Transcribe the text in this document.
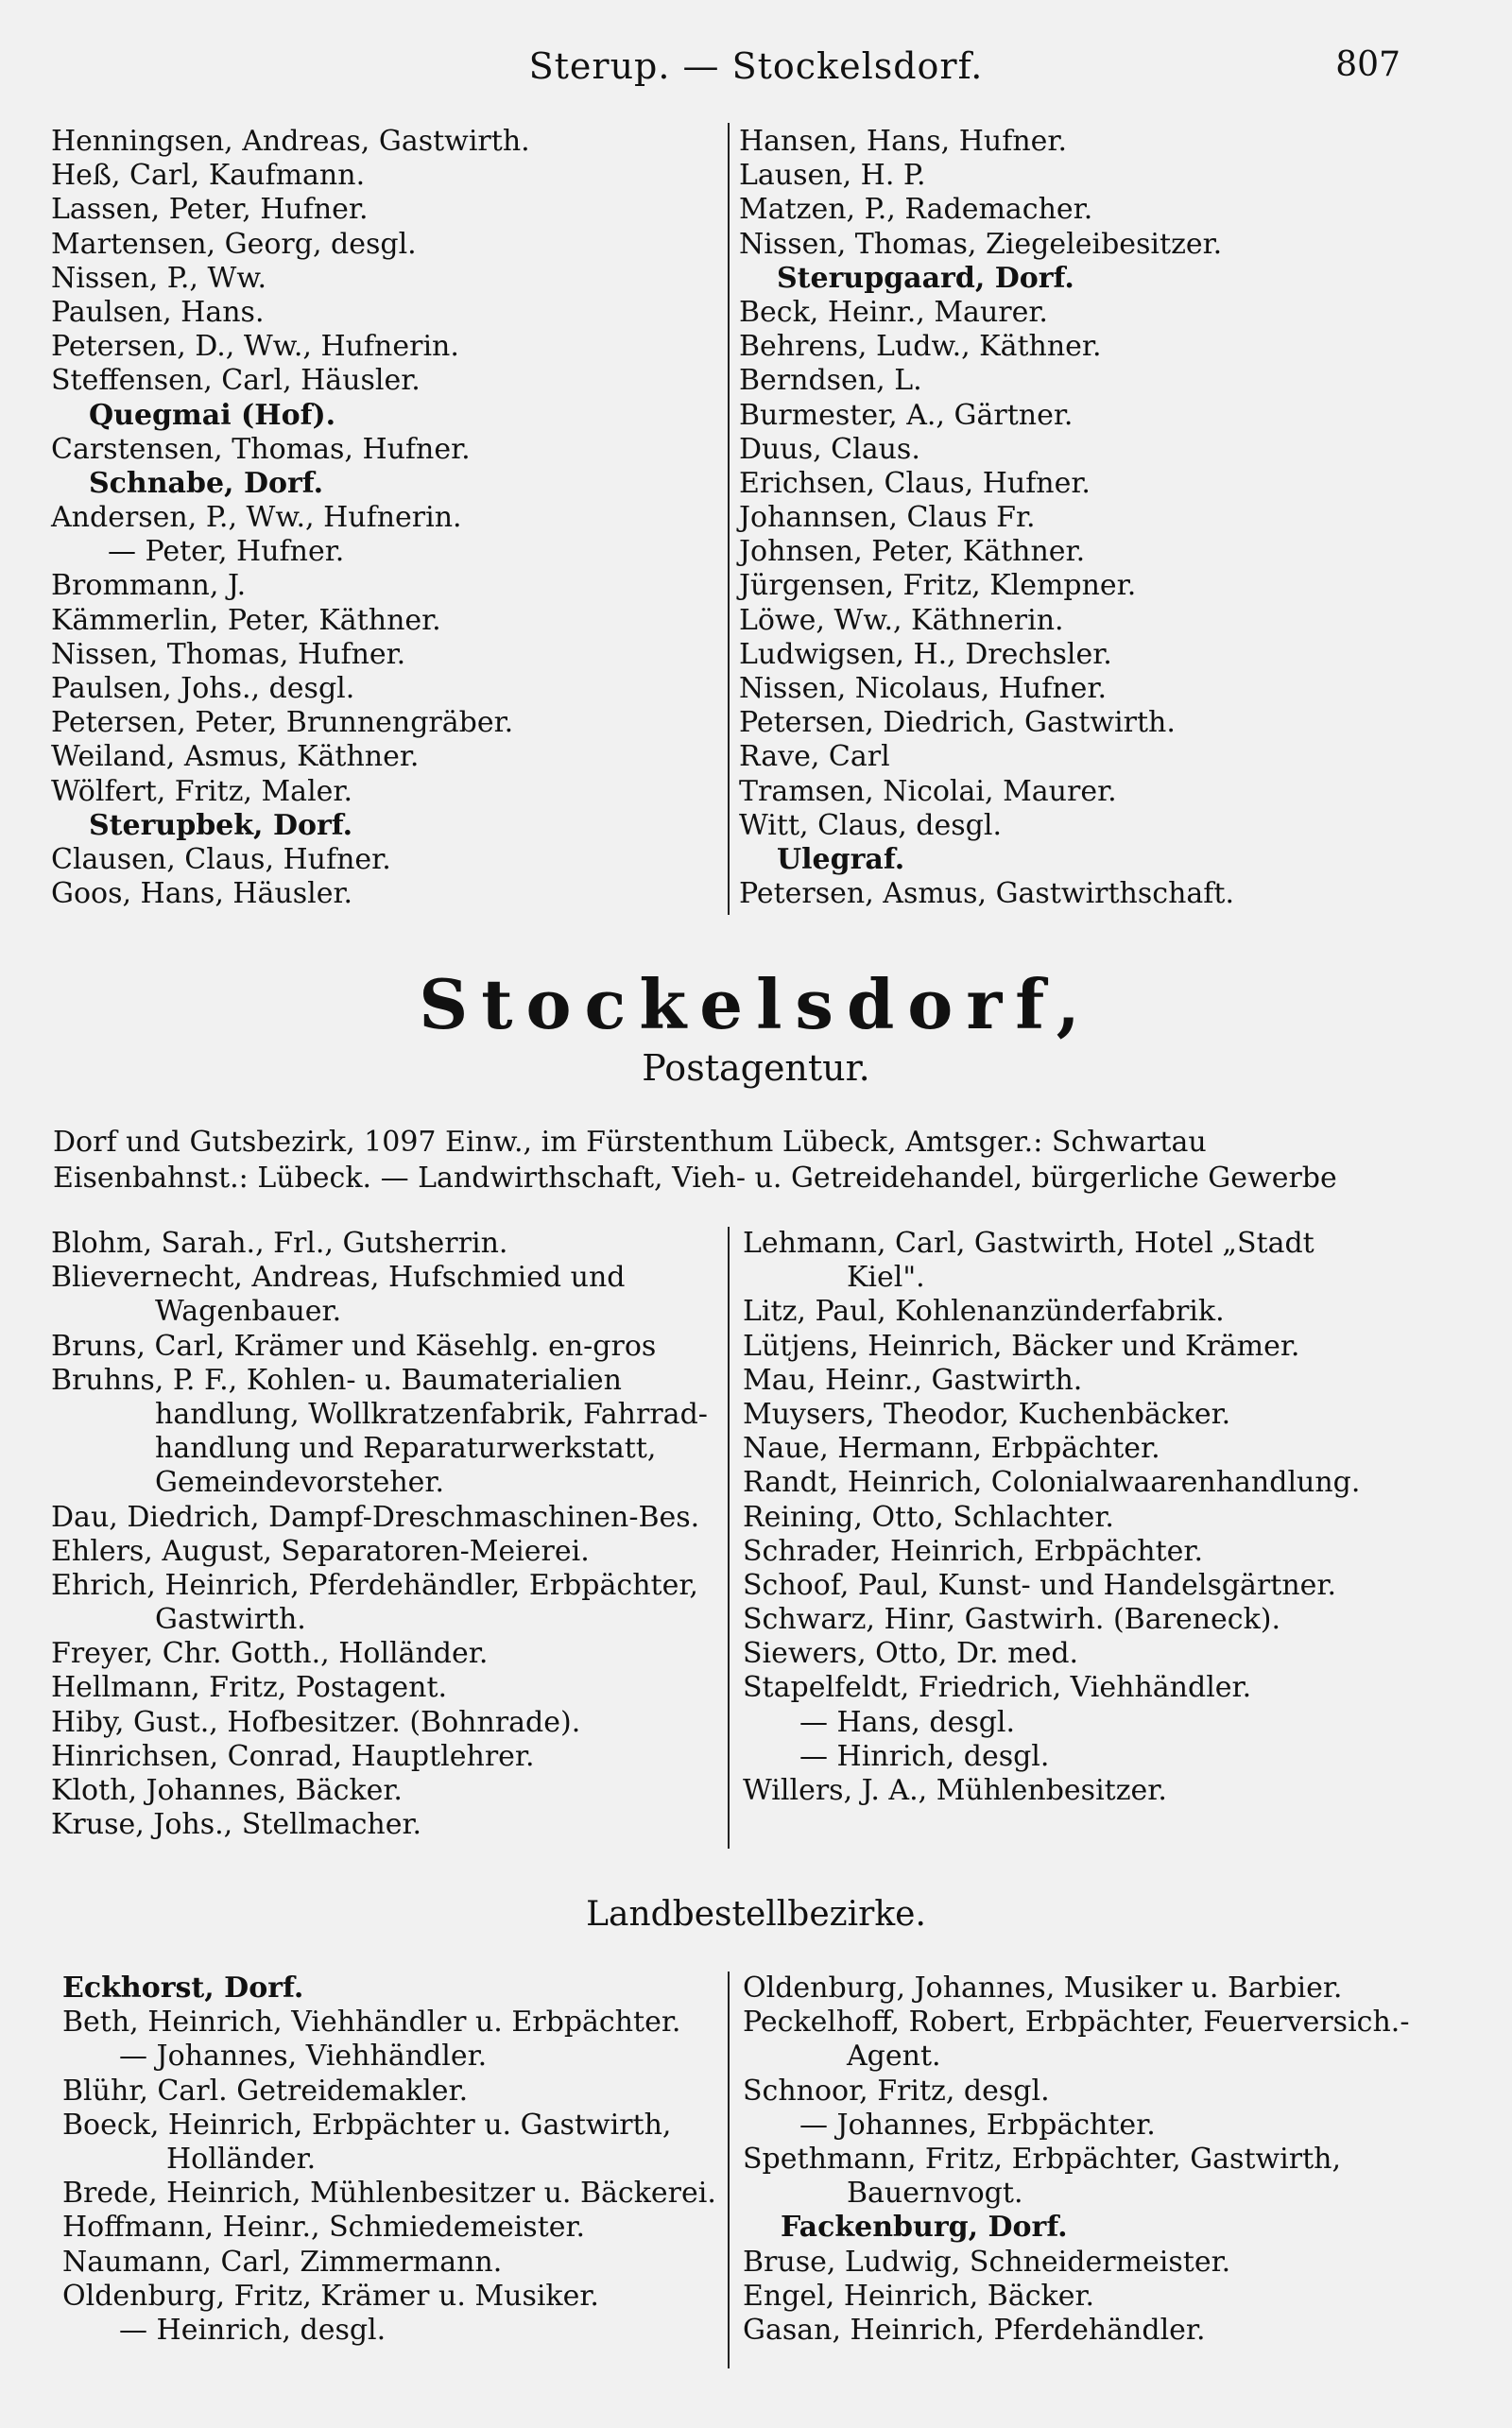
Sterup. — Stockelsdorf.	807
Henningsen, Andreas, Gastwirth.
Heß, Carl, Kaufmann.
Lassen, Peter, Hufner.
Martensen, Georg, desgl.
Nissen, P., Ww.
Paulsen, Hans.
Petersen, D., Ww., Hufnerin.
Steffensen, Carl, Häusler.
Quegmai (Hof).
Carstensen, Thomas, Hufner.
Schnabe, Dorf.
Andersen, P., Ww., Hufnerin.
— Peter, Hufner.
Brommann, J.
Kämmerlin, Peter, Käthner.
Nissen, Thomas, Hufner.
Paulsen, Johs., desgl.
Petersen, Peter, Brunnengräber.
Weiland, Asmus, Käthner.
Wölfert, Fritz, Maler.
Sterupbek, Dorf.
Clausen, Claus, Hufner.
Goos, Hans, Häusler.
Hansen, Hans, Hufner.
Lausen, H. P.
Matzen, P., Rademacher.
Nissen, Thomas, Ziegeleibesitzer.
Sterupgaard, Dorf.
Beck, Heinr., Maurer.
Behrens, Ludw., Käthner.
Berndsen, L.
Burmester, A., Gärtner.
Duus, Claus.
Erichsen, Claus, Hufner.
Johannsen, Claus Fr.
Johnsen, Peter, Käthner.
Jürgensen, Fritz, Klempner.
Löwe, Ww., Käthnerin.
Ludwigsen, H., Drechsler.
Nissen, Nicolaus, Hufner.
Petersen, Diedrich, Gastwirth.
Rave, Carl
Tramsen, Nicolai, Maurer.
Witt, Claus, desgl.
Ulegraf.
Petersen, Asmus, Gastwirthschaft.
Stockelsdorf,
Postagentur.
Dorf und Gutsbezirk, 1097 Einw., im Fürstenthum Lübeck, Amtsger.: Schwartau
Eisenbahnst.: Lübeck. — Landwirthschaft, Vieh- u. Getreidehandel, bürgerliche Gewerbe
Blohm, Sarah., Frl., Gutsherrin.
Blievernecht, Andreas, Hufschmied und
Wagenbauer.
Bruns, Carl, Krämer und Käsehlg. en-gros
Bruhns, P. F., Kohlen- u. Baumaterialien
handlung, Wollkratzenfabrik, Fahrrad-
handlung und Reparaturwerkstatt,
Gemeindevorsteher.
Dau, Diedrich, Dampf-Dreschmaschinen-Bes.
Ehlers, August, Separatoren-Meierei.
Ehrich, Heinrich, Pferdehändler, Erbpächter,
Gastwirth.
Freyer, Chr. Gotth., Holländer.
Hellmann, Fritz, Postagent.
Hiby, Gust., Hofbesitzer. (Bohnrade).
Hinrichsen, Conrad, Hauptlehrer.
Kloth, Johannes, Bäcker.
Kruse, Johs., Stellmacher.
Lehmann, Carl, Gastwirth, Hotel „Stadt
Kiel".
Litz, Paul, Kohlenanzünderfabrik.
Lütjens, Heinrich, Bäcker und Krämer.
Mau, Heinr., Gastwirth.
Muysers, Theodor, Kuchenbäcker.
Naue, Hermann, Erbpächter.
Randt, Heinrich, Colonialwaarenhandlung.
Reining, Otto, Schlachter.
Schrader, Heinrich, Erbpächter.
Schoof, Paul, Kunst- und Handelsgärtner.
Schwarz, Hinr, Gastwirh. (Bareneck).
Siewers, Otto, Dr. med.
Stapelfeldt, Friedrich, Viehhändler.
— Hans, desgl.
— Hinrich, desgl.
Willers, J. A., Mühlenbesitzer.
Landbestellbezirke.
Eckhorst, Dorf.
Beth, Heinrich, Viehhändler u. Erbpächter.
— Johannes, Viehhändler.
Blühr, Carl. Getreidemakler.
Boeck, Heinrich, Erbpächter u. Gastwirth,
Holländer.
Brede, Heinrich, Mühlenbesitzer u. Bäckerei.
Hoffmann, Heinr., Schmiedemeister.
Naumann, Carl, Zimmermann.
Oldenburg, Fritz, Krämer u. Musiker.
— Heinrich, desgl.
Oldenburg, Johannes, Musiker u. Barbier.
Peckelhoff, Robert, Erbpächter, Feuerversich.-
Agent.
Schnoor, Fritz, desgl.
— Johannes, Erbpächter.
Spethmann, Fritz, Erbpächter, Gastwirth,
Bauernvogt.
Fackenburg, Dorf.
Bruse, Ludwig, Schneidermeister.
Engel, Heinrich, Bäcker.
Gasan, Heinrich, Pferdehändler.
